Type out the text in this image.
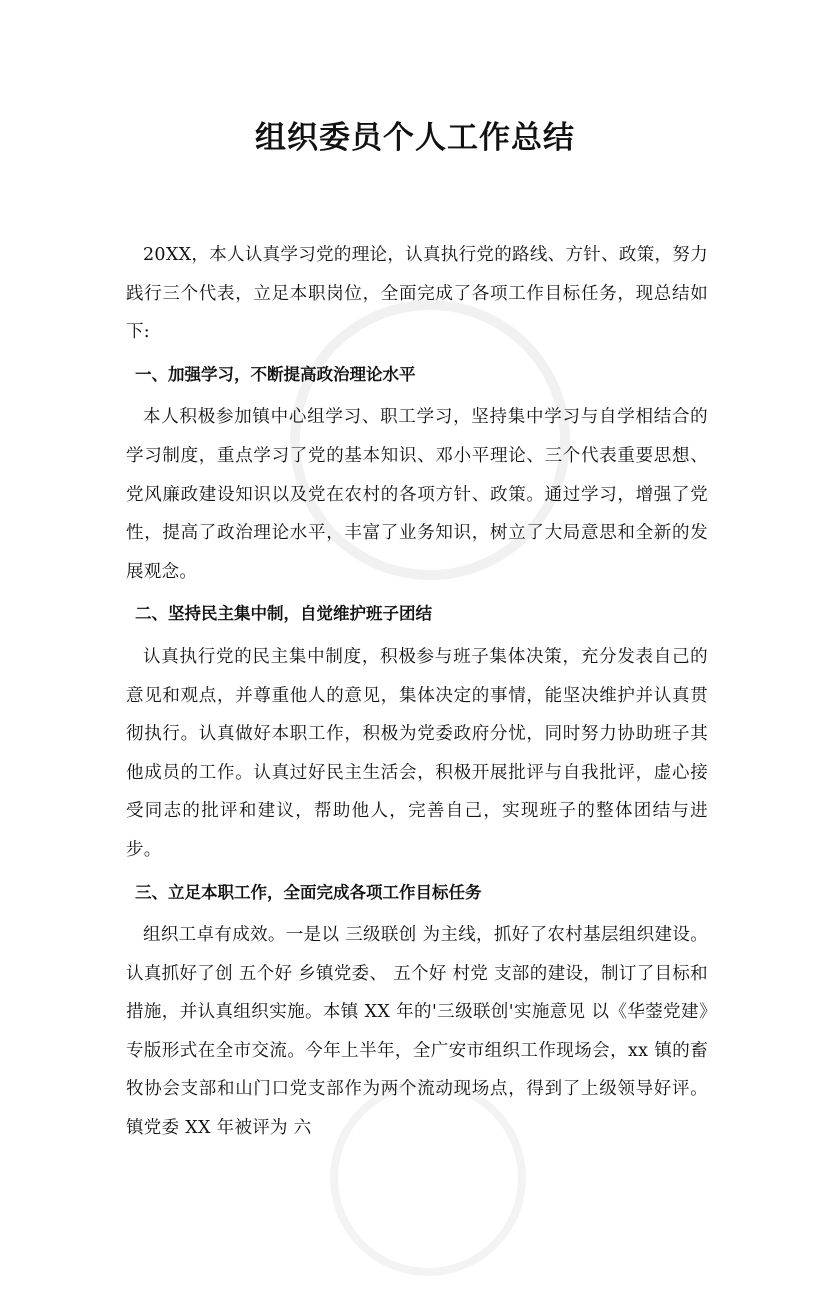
组织委员个人工作总结

20XX，本人认真学习党的理论，认真执行党的路线、方针、政策，努力践行三个代表，立足本职岗位，全面完成了各项工作目标任务，现总结如下:

一、加强学习，不断提高政治理论水平

本人积极参加镇中心组学习、职工学习，坚持集中学习与自学相结合的学习制度，重点学习了党的基本知识、邓小平理论、三个代表重要思想、党风廉政建设知识以及党在农村的各项方针、政策。通过学习，增强了党性，提高了政治理论水平，丰富了业务知识，树立了大局意思和全新的发展观念。

二、坚持民主集中制，自觉维护班子团结

认真执行党的民主集中制度，积极参与班子集体决策，充分发表自己的意见和观点，并尊重他人的意见，集体决定的事情，能坚决维护并认真贯彻执行。认真做好本职工作，积极为党委政府分忧，同时努力协助班子其他成员的工作。认真过好民主生活会，积极开展批评与自我批评，虚心接受同志的批评和建议，帮助他人，完善自己，实现班子的整体团结与进步。

三、立足本职工作，全面完成各项工作目标任务

组织工卓有成效。一是以 三级联创 为主线，抓好了农村基层组织建设。认真抓好了创 五个好 乡镇党委、 五个好 村党 支部的建设，制订了目标和措施，并认真组织实施。本镇 XX 年的'三级联创'实施意见 以《华蓥党建》专版形式在全市交流。今年上半年，全广安市组织工作现场会，xx 镇的畜牧协会支部和山门口党支部作为两个流动现场点，得到了上级领导好评。镇党委 XX 年被评为 六
